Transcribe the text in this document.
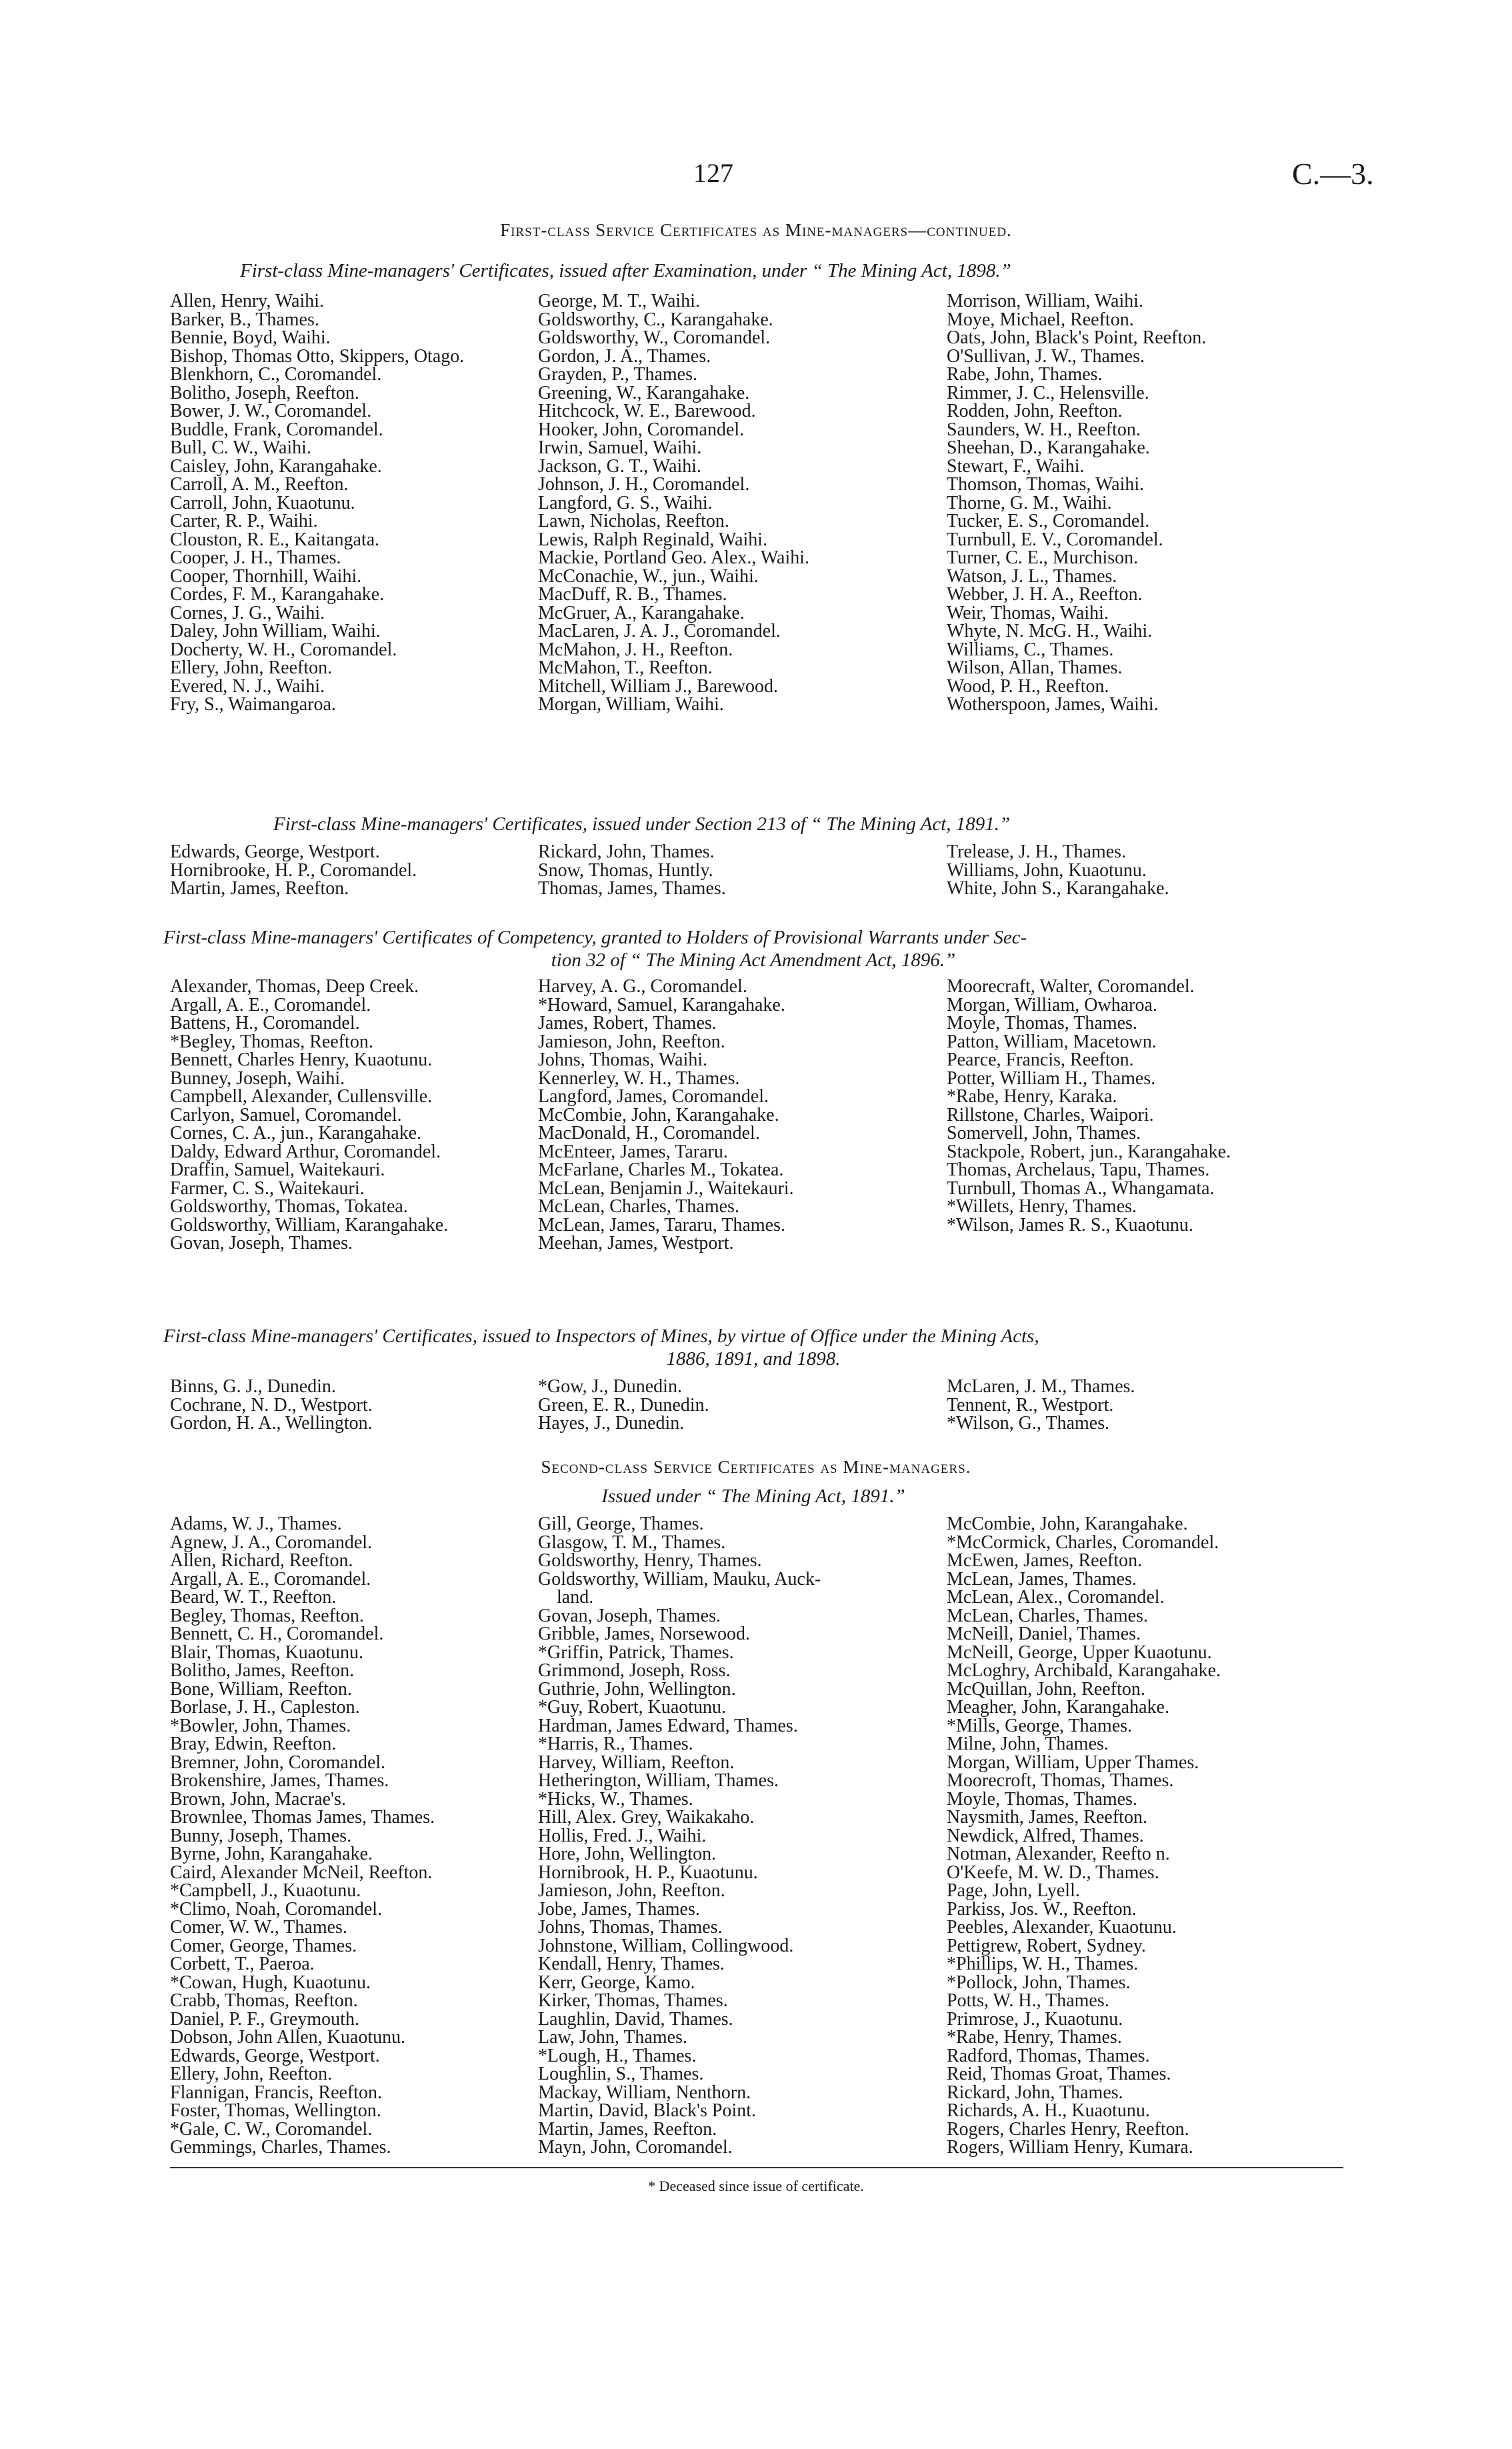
127	C.—3.
First-class Service Certificates as Mine-managers—continued.
First-class Mine-managers' Certificates, issued after Examination, under “ The Mining Act, 1898.”
Allen, Henry, Waihi.
Barker, B., Thames.
Bennie, Boyd, Waihi.
Bishop, Thomas Otto, Skippers, Otago.
Blenkhorn, C., Coromandel.
Bolitho, Joseph, Reefton.
Bower, J. W., Coromandel.
Buddle, Frank, Coromandel.
Bull, C. W., Waihi.
Caisley, John, Karangahake.
Carroll, A. M., Reefton.
Carroll, John, Kuaotunu.
Carter, R. P., Waihi.
Clouston, R. E., Kaitangata.
Cooper, J. H., Thames.
Cooper, Thornhill, Waihi.
Cordes, F. M., Karangahake.
Cornes, J. G., Waihi.
Daley, John William, Waihi.
Docherty, W. H., Coromandel.
Ellery, John, Reefton.
Evered, N. J., Waihi.
Fry, S., Waimangaroa.
George, M. T., Waihi.
Goldsworthy, C., Karangahake.
Goldsworthy, W., Coromandel.
Gordon, J. A., Thames.
Grayden, P., Thames.
Greening, W., Karangahake.
Hitchcock, W. E., Barewood.
Hooker, John, Coromandel.
Irwin, Samuel, Waihi.
Jackson, G. T., Waihi.
Johnson, J. H., Coromandel.
Langford, G. S., Waihi.
Lawn, Nicholas, Reefton.
Lewis, Ralph Reginald, Waihi.
Mackie, Portland Geo. Alex., Waihi.
McConachie, W., jun., Waihi.
MacDuff, R. B., Thames.
McGruer, A., Karangahake.
MacLaren, J. A. J., Coromandel.
McMahon, J. H., Reefton.
McMahon, T., Reefton.
Mitchell, William J., Barewood.
Morgan, William, Waihi.
Morrison, William, Waihi.
Moye, Michael, Reefton.
Oats, John, Black's Point, Reefton.
O'Sullivan, J. W., Thames.
Rabe, John, Thames.
Rimmer, J. C., Helensville.
Rodden, John, Reefton.
Saunders, W. H., Reefton.
Sheehan, D., Karangahake.
Stewart, F., Waihi.
Thomson, Thomas, Waihi.
Thorne, G. M., Waihi.
Tucker, E. S., Coromandel.
Turnbull, E. V., Coromandel.
Turner, C. E., Murchison.
Watson, J. L., Thames.
Webber, J. H. A., Reefton.
Weir, Thomas, Waihi.
Whyte, N. McG. H., Waihi.
Williams, C., Thames.
Wilson, Allan, Thames.
Wood, P. H., Reefton.
Wotherspoon, James, Waihi.
First-class Mine-managers' Certificates, issued under Section 213 of “ The Mining Act, 1891.”
Edwards, George, Westport.
Hornibrooke, H. P., Coromandel.
Martin, James, Reefton.
Rickard, John, Thames.
Snow, Thomas, Huntly.
Thomas, James, Thames.
Trelease, J. H., Thames.
Williams, John, Kuaotunu.
White, John S., Karangahake.
First-class Mine-managers' Certificates of Competency, granted to Holders of Provisional Warrants under Sec-
tion 32 of “ The Mining Act Amendment Act, 1896.”
Alexander, Thomas, Deep Creek.
Argall, A. E., Coromandel.
Battens, H., Coromandel.
*Begley, Thomas, Reefton.
Bennett, Charles Henry, Kuaotunu.
Bunney, Joseph, Waihi.
Campbell, Alexander, Cullensville.
Carlyon, Samuel, Coromandel.
Cornes, C. A., jun., Karangahake.
Daldy, Edward Arthur, Coromandel.
Draffin, Samuel, Waitekauri.
Farmer, C. S., Waitekauri.
Goldsworthy, Thomas, Tokatea.
Goldsworthy, William, Karangahake.
Govan, Joseph, Thames.
Harvey, A. G., Coromandel.
*Howard, Samuel, Karangahake.
James, Robert, Thames.
Jamieson, John, Reefton.
Johns, Thomas, Waihi.
Kennerley, W. H., Thames.
Langford, James, Coromandel.
McCombie, John, Karangahake.
MacDonald, H., Coromandel.
McEnteer, James, Tararu.
McFarlane, Charles M., Tokatea.
McLean, Benjamin J., Waitekauri.
McLean, Charles, Thames.
McLean, James, Tararu, Thames.
Meehan, James, Westport.
Moorecraft, Walter, Coromandel.
Morgan, William, Owharoa.
Moyle, Thomas, Thames.
Patton, William, Macetown.
Pearce, Francis, Reefton.
Potter, William H., Thames.
*Rabe, Henry, Karaka.
Rillstone, Charles, Waipori.
Somervell, John, Thames.
Stackpole, Robert, jun., Karangahake.
Thomas, Archelaus, Tapu, Thames.
Turnbull, Thomas A., Whangamata.
*Willets, Henry, Thames.
*Wilson, James R. S., Kuaotunu.
First-class Mine-managers' Certificates, issued to Inspectors of Mines, by virtue of Office under the Mining Acts,
1886, 1891, and 1898.
Binns, G. J., Dunedin.
Cochrane, N. D., Westport.
Gordon, H. A., Wellington.
*Gow, J., Dunedin.
Green, E. R., Dunedin.
Hayes, J., Dunedin.
McLaren, J. M., Thames.
Tennent, R., Westport.
*Wilson, G., Thames.
Second-class Service Certificates as Mine-managers.
Issued under “ The Mining Act, 1891.”
Adams, W. J., Thames.
Agnew, J. A., Coromandel.
Allen, Richard, Reefton.
Argall, A. E., Coromandel.
Beard, W. T., Reefton.
Begley, Thomas, Reefton.
Bennett, C. H., Coromandel.
Blair, Thomas, Kuaotunu.
Bolitho, James, Reefton.
Bone, William, Reefton.
Borlase, J. H., Capleston.
*Bowler, John, Thames.
Bray, Edwin, Reefton.
Bremner, John, Coromandel.
Brokenshire, James, Thames.
Brown, John, Macrae's.
Brownlee, Thomas James, Thames.
Bunny, Joseph, Thames.
Byrne, John, Karangahake.
Caird, Alexander McNeil, Reefton.
*Campbell, J., Kuaotunu.
*Climo, Noah, Coromandel.
Comer, W. W., Thames.
Comer, George, Thames.
Corbett, T., Paeroa.
*Cowan, Hugh, Kuaotunu.
Crabb, Thomas, Reefton.
Daniel, P. F., Greymouth.
Dobson, John Allen, Kuaotunu.
Edwards, George, Westport.
Ellery, John, Reefton.
Flannigan, Francis, Reefton.
Foster, Thomas, Wellington.
*Gale, C. W., Coromandel.
Gemmings, Charles, Thames.
Gill, George, Thames.
Glasgow, T. M., Thames.
Goldsworthy, Henry, Thames.
Goldsworthy, William, Mauku, Auck-
land.
Govan, Joseph, Thames.
Gribble, James, Norsewood.
*Griffin, Patrick, Thames.
Grimmond, Joseph, Ross.
Guthrie, John, Wellington.
*Guy, Robert, Kuaotunu.
Hardman, James Edward, Thames.
*Harris, R., Thames.
Harvey, William, Reefton.
Hetherington, William, Thames.
*Hicks, W., Thames.
Hill, Alex. Grey, Waikakaho.
Hollis, Fred. J., Waihi.
Hore, John, Wellington.
Hornibrook, H. P., Kuaotunu.
Jamieson, John, Reefton.
Jobe, James, Thames.
Johns, Thomas, Thames.
Johnstone, William, Collingwood.
Kendall, Henry, Thames.
Kerr, George, Kamo.
Kirker, Thomas, Thames.
Laughlin, David, Thames.
Law, John, Thames.
*Lough, H., Thames.
Loughlin, S., Thames.
Mackay, William, Nenthorn.
Martin, David, Black's Point.
Martin, James, Reefton.
Mayn, John, Coromandel.
McCombie, John, Karangahake.
*McCormick, Charles, Coromandel.
McEwen, James, Reefton.
McLean, James, Thames.
McLean, Alex., Coromandel.
McLean, Charles, Thames.
McNeill, Daniel, Thames.
McNeill, George, Upper Kuaotunu.
McLoghry, Archibald, Karangahake.
McQuillan, John, Reefton.
Meagher, John, Karangahake.
*Mills, George, Thames.
Milne, John, Thames.
Morgan, William, Upper Thames.
Moorecroft, Thomas, Thames.
Moyle, Thomas, Thames.
Naysmith, James, Reefton.
Newdick, Alfred, Thames.
Notman, Alexander, Reefto n.
O'Keefe, M. W. D., Thames.
Page, John, Lyell.
Parkiss, Jos. W., Reefton.
Peebles, Alexander, Kuaotunu.
Pettigrew, Robert, Sydney.
*Phillips, W. H., Thames.
*Pollock, John, Thames.
Potts, W. H., Thames.
Primrose, J., Kuaotunu.
*Rabe, Henry, Thames.
Radford, Thomas, Thames.
Reid, Thomas Groat, Thames.
Rickard, John, Thames.
Richards, A. H., Kuaotunu.
Rogers, Charles Henry, Reefton.
Rogers, William Henry, Kumara.
* Deceased since issue of certificate.
